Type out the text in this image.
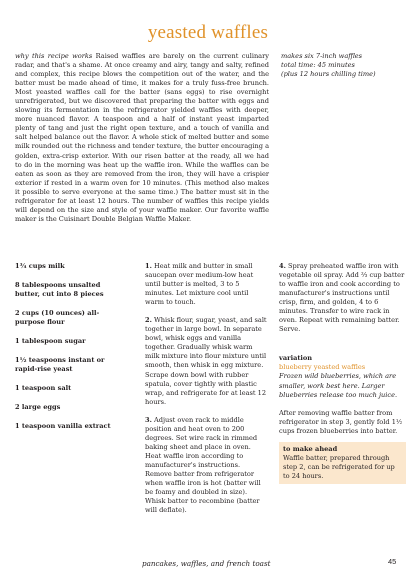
yeasted waffles
why this recipe works Raised waffles are barely on the current culinary radar, and that's a shame. At once creamy and airy, tangy and salty, refined and complex, this recipe blows the competition out of the water, and the batter must be made ahead of time, it makes for a truly fuss-free brunch. Most yeasted waffles call for the batter (sans eggs) to rise overnight unrefrigerated, but we discovered that preparing the batter with eggs and slowing its fermentation in the refrigerator yielded waffles with deeper, more nuanced flavor. A teaspoon and a half of instant yeast imparted plenty of tang and just the right open texture, and a touch of vanilla and salt helped balance out the flavor. A whole stick of melted butter and some milk rounded out the richness and tender texture, the butter encouraging a golden, extra-crisp exterior. With our risen batter at the ready, all we had to do in the morning was heat up the waffle iron. While the waffles can be eaten as soon as they are removed from the iron, they will have a crispier exterior if rested in a warm oven for 10 minutes. (This method also makes it possible to serve everyone at the same time.) The batter must sit in the refrigerator for at least 12 hours. The number of waffles this recipe yields will depend on the size and style of your waffle maker. Our favorite waffle maker is the Cuisinart Double Belgian Waffle Maker.
makes six 7-inch waffles
total time: 45 minutes
(plus 12 hours chilling time)
1¾ cups milk
8 tablespoons unsalted butter, cut into 8 pieces
2 cups (10 ounces) all-purpose flour
1 tablespoon sugar
1½ teaspoons instant or rapid-rise yeast
1 teaspoon salt
2 large eggs
1 teaspoon vanilla extract
1. Heat milk and butter in small saucepan over medium-low heat until butter is melted, 3 to 5 minutes. Let mixture cool until warm to touch.
2. Whisk flour, sugar, yeast, and salt together in large bowl. In separate bowl, whisk eggs and vanilla together. Gradually whisk warm milk mixture into flour mixture until smooth, then whisk in egg mixture. Scrape down bowl with rubber spatula, cover tightly with plastic wrap, and refrigerate for at least 12 hours.
3. Adjust oven rack to middle position and heat oven to 200 degrees. Set wire rack in rimmed baking sheet and place in oven. Heat waffle iron according to manufacturer's instructions. Remove batter from refrigerator when waffle iron is hot (batter will be foamy and doubled in size). Whisk batter to recombine (batter will deflate).
4. Spray preheated waffle iron with vegetable oil spray. Add ⅔ cup batter to waffle iron and cook according to manufacturer's instructions until crisp, firm, and golden, 4 to 6 minutes. Transfer to wire rack in oven. Repeat with remaining batter. Serve.
variation
blueberry yeasted waffles
Frozen wild blueberries, which are smaller, work best here. Larger blueberries release too much juice.
After removing waffle batter from refrigerator in step 3, gently fold 1½ cups frozen blueberries into batter.
to make ahead
Waffle batter, prepared through step 2, can be refrigerated for up to 24 hours.
pancakes, waffles, and french toast	45
